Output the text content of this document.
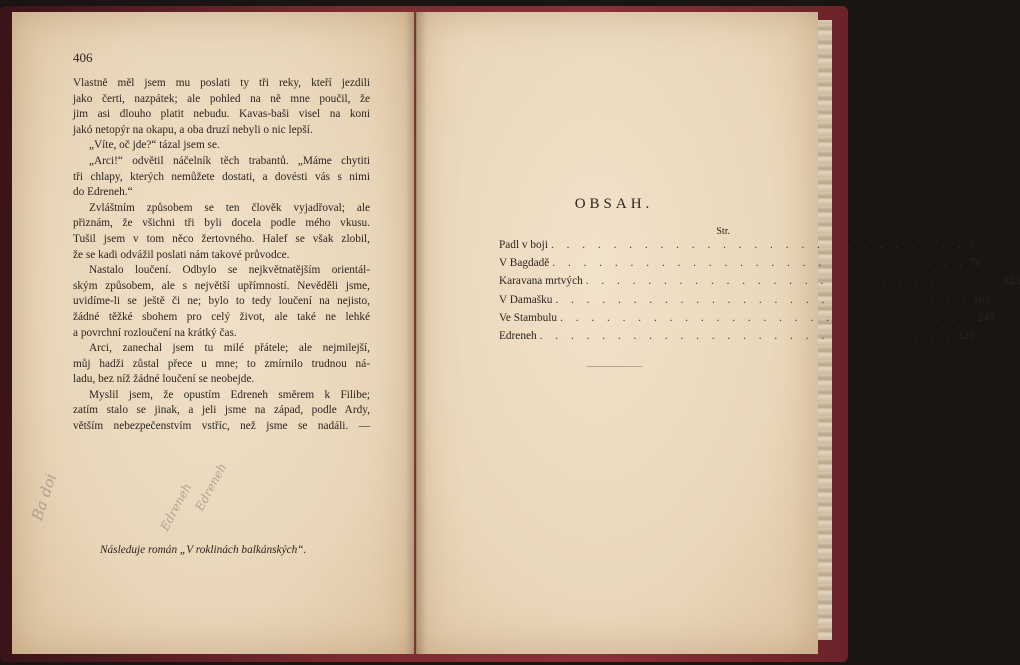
406
Vlastně měl jsem mu poslati ty tři reky, kteří jezdili
jako čerti, nazpátek; ale pohled na ně mne poučil, že
jim asi dlouho platit nebudu. Kavas-baši visel na koni
jakó netopýr na okapu, a oba druzí nebyli o nic lepší.
„Víte, oč jde?“ tázal jsem se.
„Arci!“ odvětil náčelník těch trabantů. „Máme chytiti
tři chlapy, kterých nemůžete dostati, a dovésti vás s nimi
do Edreneh.“
Zvláštním způsobem se ten člověk vyjadřoval; ale
přiznám, že všichni tři byli docela podle mého vkusu.
Tušil jsem v tom něco žertovného. Halef se však zlobil,
že se kadi odvážil poslati nám takové průvodce.
Nastalo loučení. Odbylo se nejkvětnatějším orientál-
ským způsobem, ale s největší upřímností. Nevěděli jsme,
uvidíme-li se ještě či ne; bylo to tedy loučení na nejisto,
žádné těžké sbohem pro celý život, ale také ne lehké
a povrchní rozloučení na krátký čas.
Arci, zanechal jsem tu milé přátele; ale nejmilejší,
můj hadži zůstal přece u mne; to zmírnilo trudnou ná-
ladu, bez níž žádné loučení se neobejde.
Myslil jsem, že opustím Edreneh směrem k Filibe;
zatím stalo se jinak, a jeli jsme na západ, podle Ardy,
větším nebezpečenstvím vstříc, než jsme se nadáli. —
Ba doi	Edreneh
Edreneh
Následuje román „V roklinách balkánských“.
OBSAH.
Str.
Padl v boji . . . . . . . . . . . . . . . . . . . . . . . . . . . 5
V Bagdadě . . . . . . . . . . . . . . . . . . . . . . . . . . . 78
Karavana mrtvých . . . . . . . . . . . . . . . . . . . . . . . . . . . 123
V Damašku . . . . . . . . . . . . . . . . . . . . . . . . . . . 163
Ve Stambulu . . . . . . . . . . . . . . . . . . . . . . . . . . . 245
Edreneh . . . . . . . . . . . . . . . . . . . . . . . . . . . 329
